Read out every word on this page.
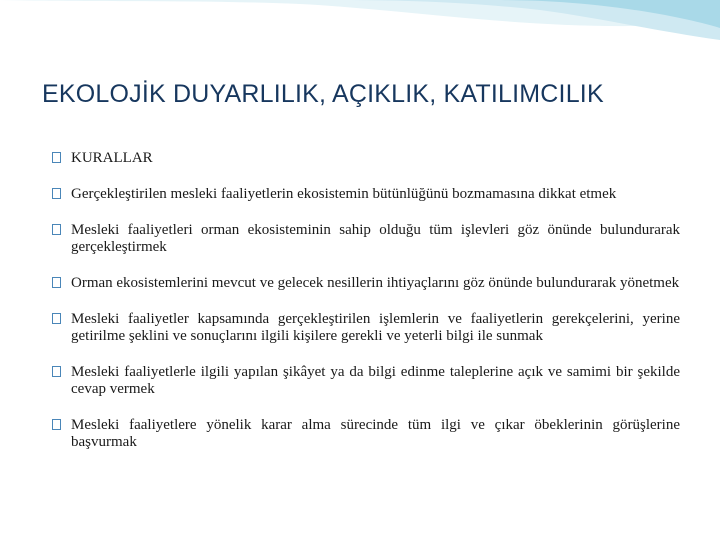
EKOLOJİK DUYARLILIK, AÇIKLIK, KATILIMCILIK
KURALLAR
Gerçekleştirilen mesleki faaliyetlerin ekosistemin bütünlüğünü bozmamasına dikkat etmek
Mesleki faaliyetleri orman ekosisteminin sahip olduğu tüm işlevleri göz önünde bulundurarak gerçekleştirmek
Orman ekosistemlerini mevcut ve gelecek nesillerin ihtiyaçlarını göz önünde bulundurarak yönetmek
Mesleki faaliyetler kapsamında gerçekleştirilen işlemlerin ve faaliyetlerin gerekçelerini, yerine getirilme şeklini ve sonuçlarını ilgili kişilere gerekli ve yeterli bilgi ile sunmak
Mesleki faaliyetlerle ilgili yapılan şikâyet ya da bilgi edinme taleplerine açık ve samimi bir şekilde cevap vermek
Mesleki faaliyetlere yönelik karar alma sürecinde tüm ilgi ve çıkar öbeklerinin görüşlerine başvurmak
